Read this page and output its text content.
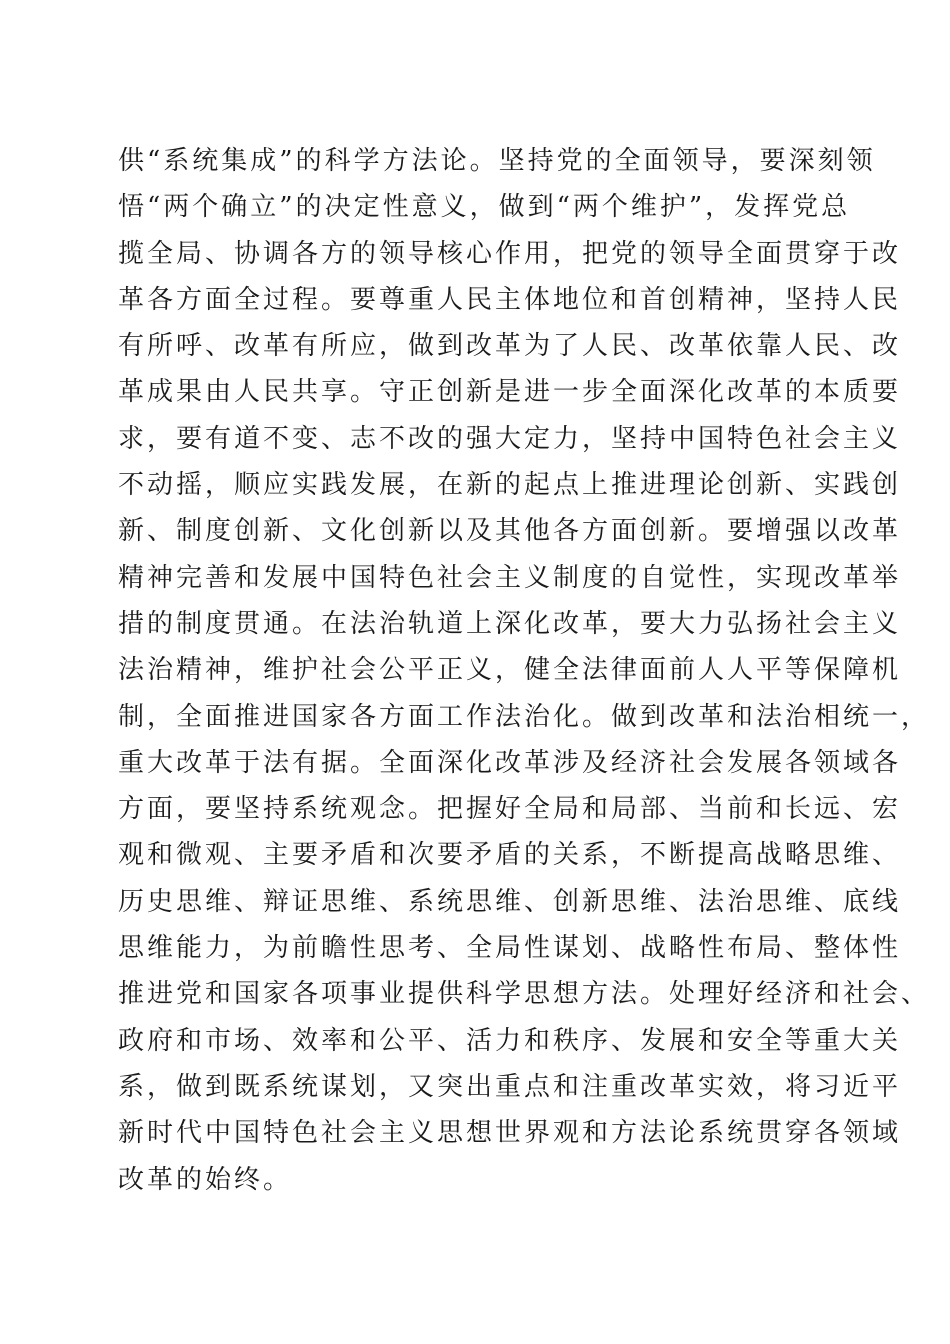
供“系统集成”的科学方法论。坚持党的全面领导，要深刻领
悟“两个确立”的决定性意义，做到“两个维护”，发挥党总
揽全局、协调各方的领导核心作用，把党的领导全面贯穿于改
革各方面全过程。要尊重人民主体地位和首创精神，坚持人民
有所呼、改革有所应，做到改革为了人民、改革依靠人民、改
革成果由人民共享。守正创新是进一步全面深化改革的本质要
求，要有道不变、志不改的强大定力，坚持中国特色社会主义
不动摇，顺应实践发展，在新的起点上推进理论创新、实践创
新、制度创新、文化创新以及其他各方面创新。要增强以改革
精神完善和发展中国特色社会主义制度的自觉性，实现改革举
措的制度贯通。在法治轨道上深化改革，要大力弘扬社会主义
法治精神，维护社会公平正义，健全法律面前人人平等保障机
制，全面推进国家各方面工作法治化。做到改革和法治相统一，
重大改革于法有据。全面深化改革涉及经济社会发展各领域各
方面，要坚持系统观念。把握好全局和局部、当前和长远、宏
观和微观、主要矛盾和次要矛盾的关系，不断提高战略思维、
历史思维、辩证思维、系统思维、创新思维、法治思维、底线
思维能力，为前瞻性思考、全局性谋划、战略性布局、整体性
推进党和国家各项事业提供科学思想方法。处理好经济和社会、
政府和市场、效率和公平、活力和秩序、发展和安全等重大关
系，做到既系统谋划，又突出重点和注重改革实效，将习近平
新时代中国特色社会主义思想世界观和方法论系统贯穿各领域
改革的始终。
